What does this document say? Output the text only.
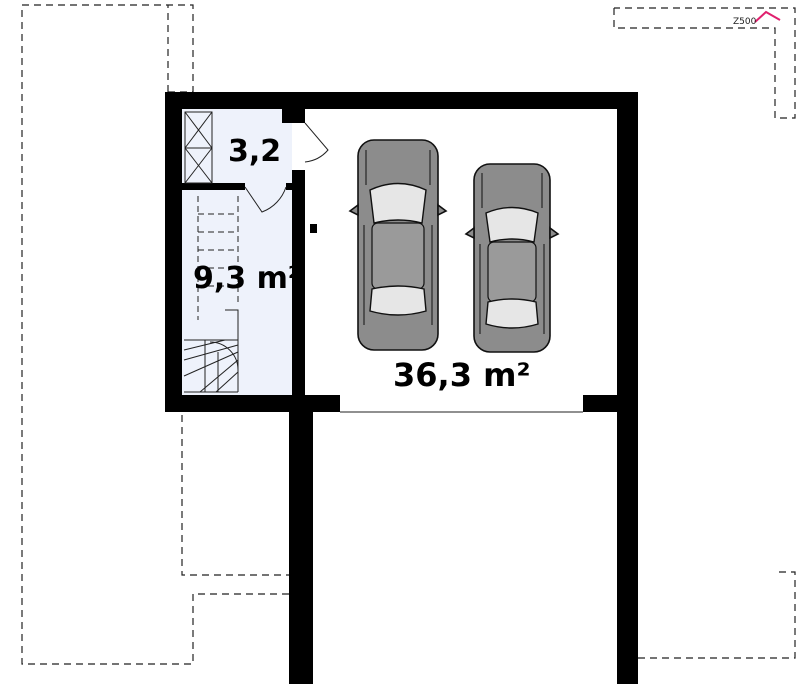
3,2
9,3 m²
36,3 m²
Z500
